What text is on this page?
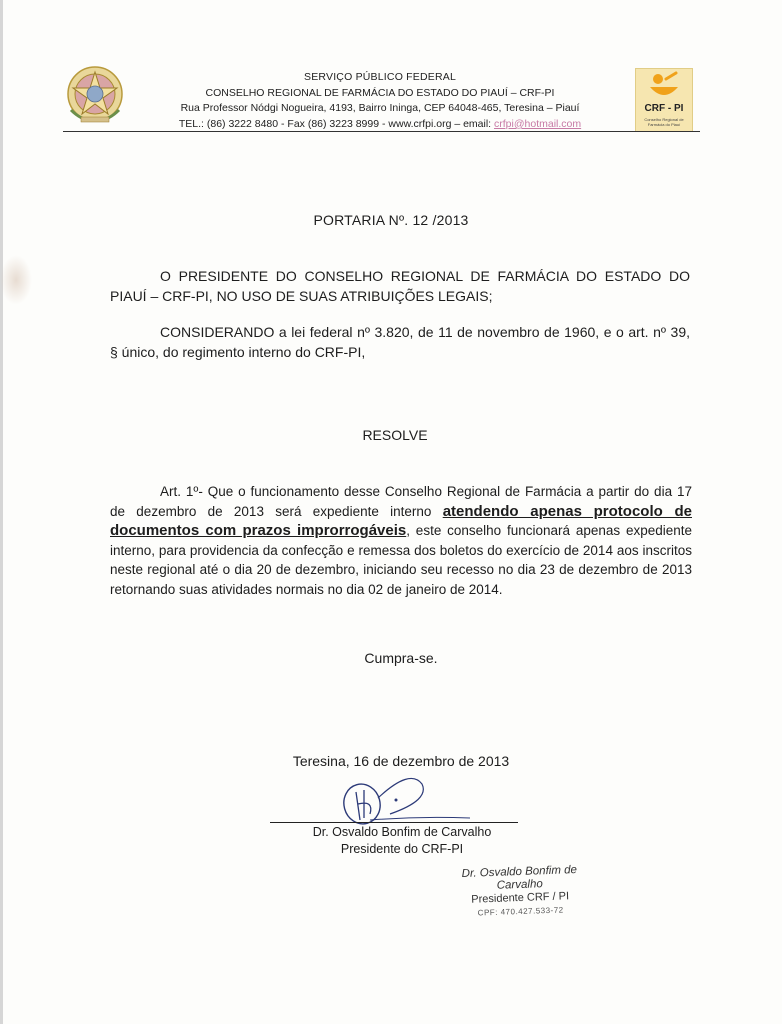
SERVIÇO PÚBLICO FEDERAL
CONSELHO REGIONAL DE FARMÁCIA DO ESTADO DO PIAUÍ – CRF-PI
Rua Professor Nódgi Nogueira, 4193, Bairro Ininga, CEP 64048-465, Teresina – Piauí
TEL.: (86) 3222 8480 - Fax (86) 3223 8999 - www.crfpi.org – email: crfpi@hotmail.com
CRF - PI
Conselho Regional de Farmácia do Piauí
PORTARIA Nº. 12 /2013
O PRESIDENTE DO CONSELHO REGIONAL DE FARMÁCIA DO ESTADO DO PIAUÍ – CRF-PI, NO USO DE SUAS ATRIBUIÇÕES LEGAIS;
CONSIDERANDO a lei federal nº 3.820, de 11 de novembro de 1960, e o art. nº 39, § único, do regimento interno do CRF-PI,
RESOLVE
Art. 1º- Que o funcionamento desse Conselho Regional de Farmácia a partir do dia 17 de dezembro de 2013 será expediente interno atendendo apenas protocolo de documentos com prazos improrrogáveis, este conselho funcionará apenas expediente interno, para providencia da confecção e remessa dos boletos do exercício de 2014 aos inscritos neste regional até o dia 20 de dezembro, iniciando seu recesso no dia 23 de dezembro de 2013 retornando suas atividades normais no dia 02 de janeiro de 2014.
Cumpra-se.
Teresina, 16 de dezembro de 2013
Dr. Osvaldo Bonfim de Carvalho
Presidente do CRF-PI
Dr. Osvaldo Bonfim de Carvalho
Presidente CRF / PI
CPF: 470.427.533-72
